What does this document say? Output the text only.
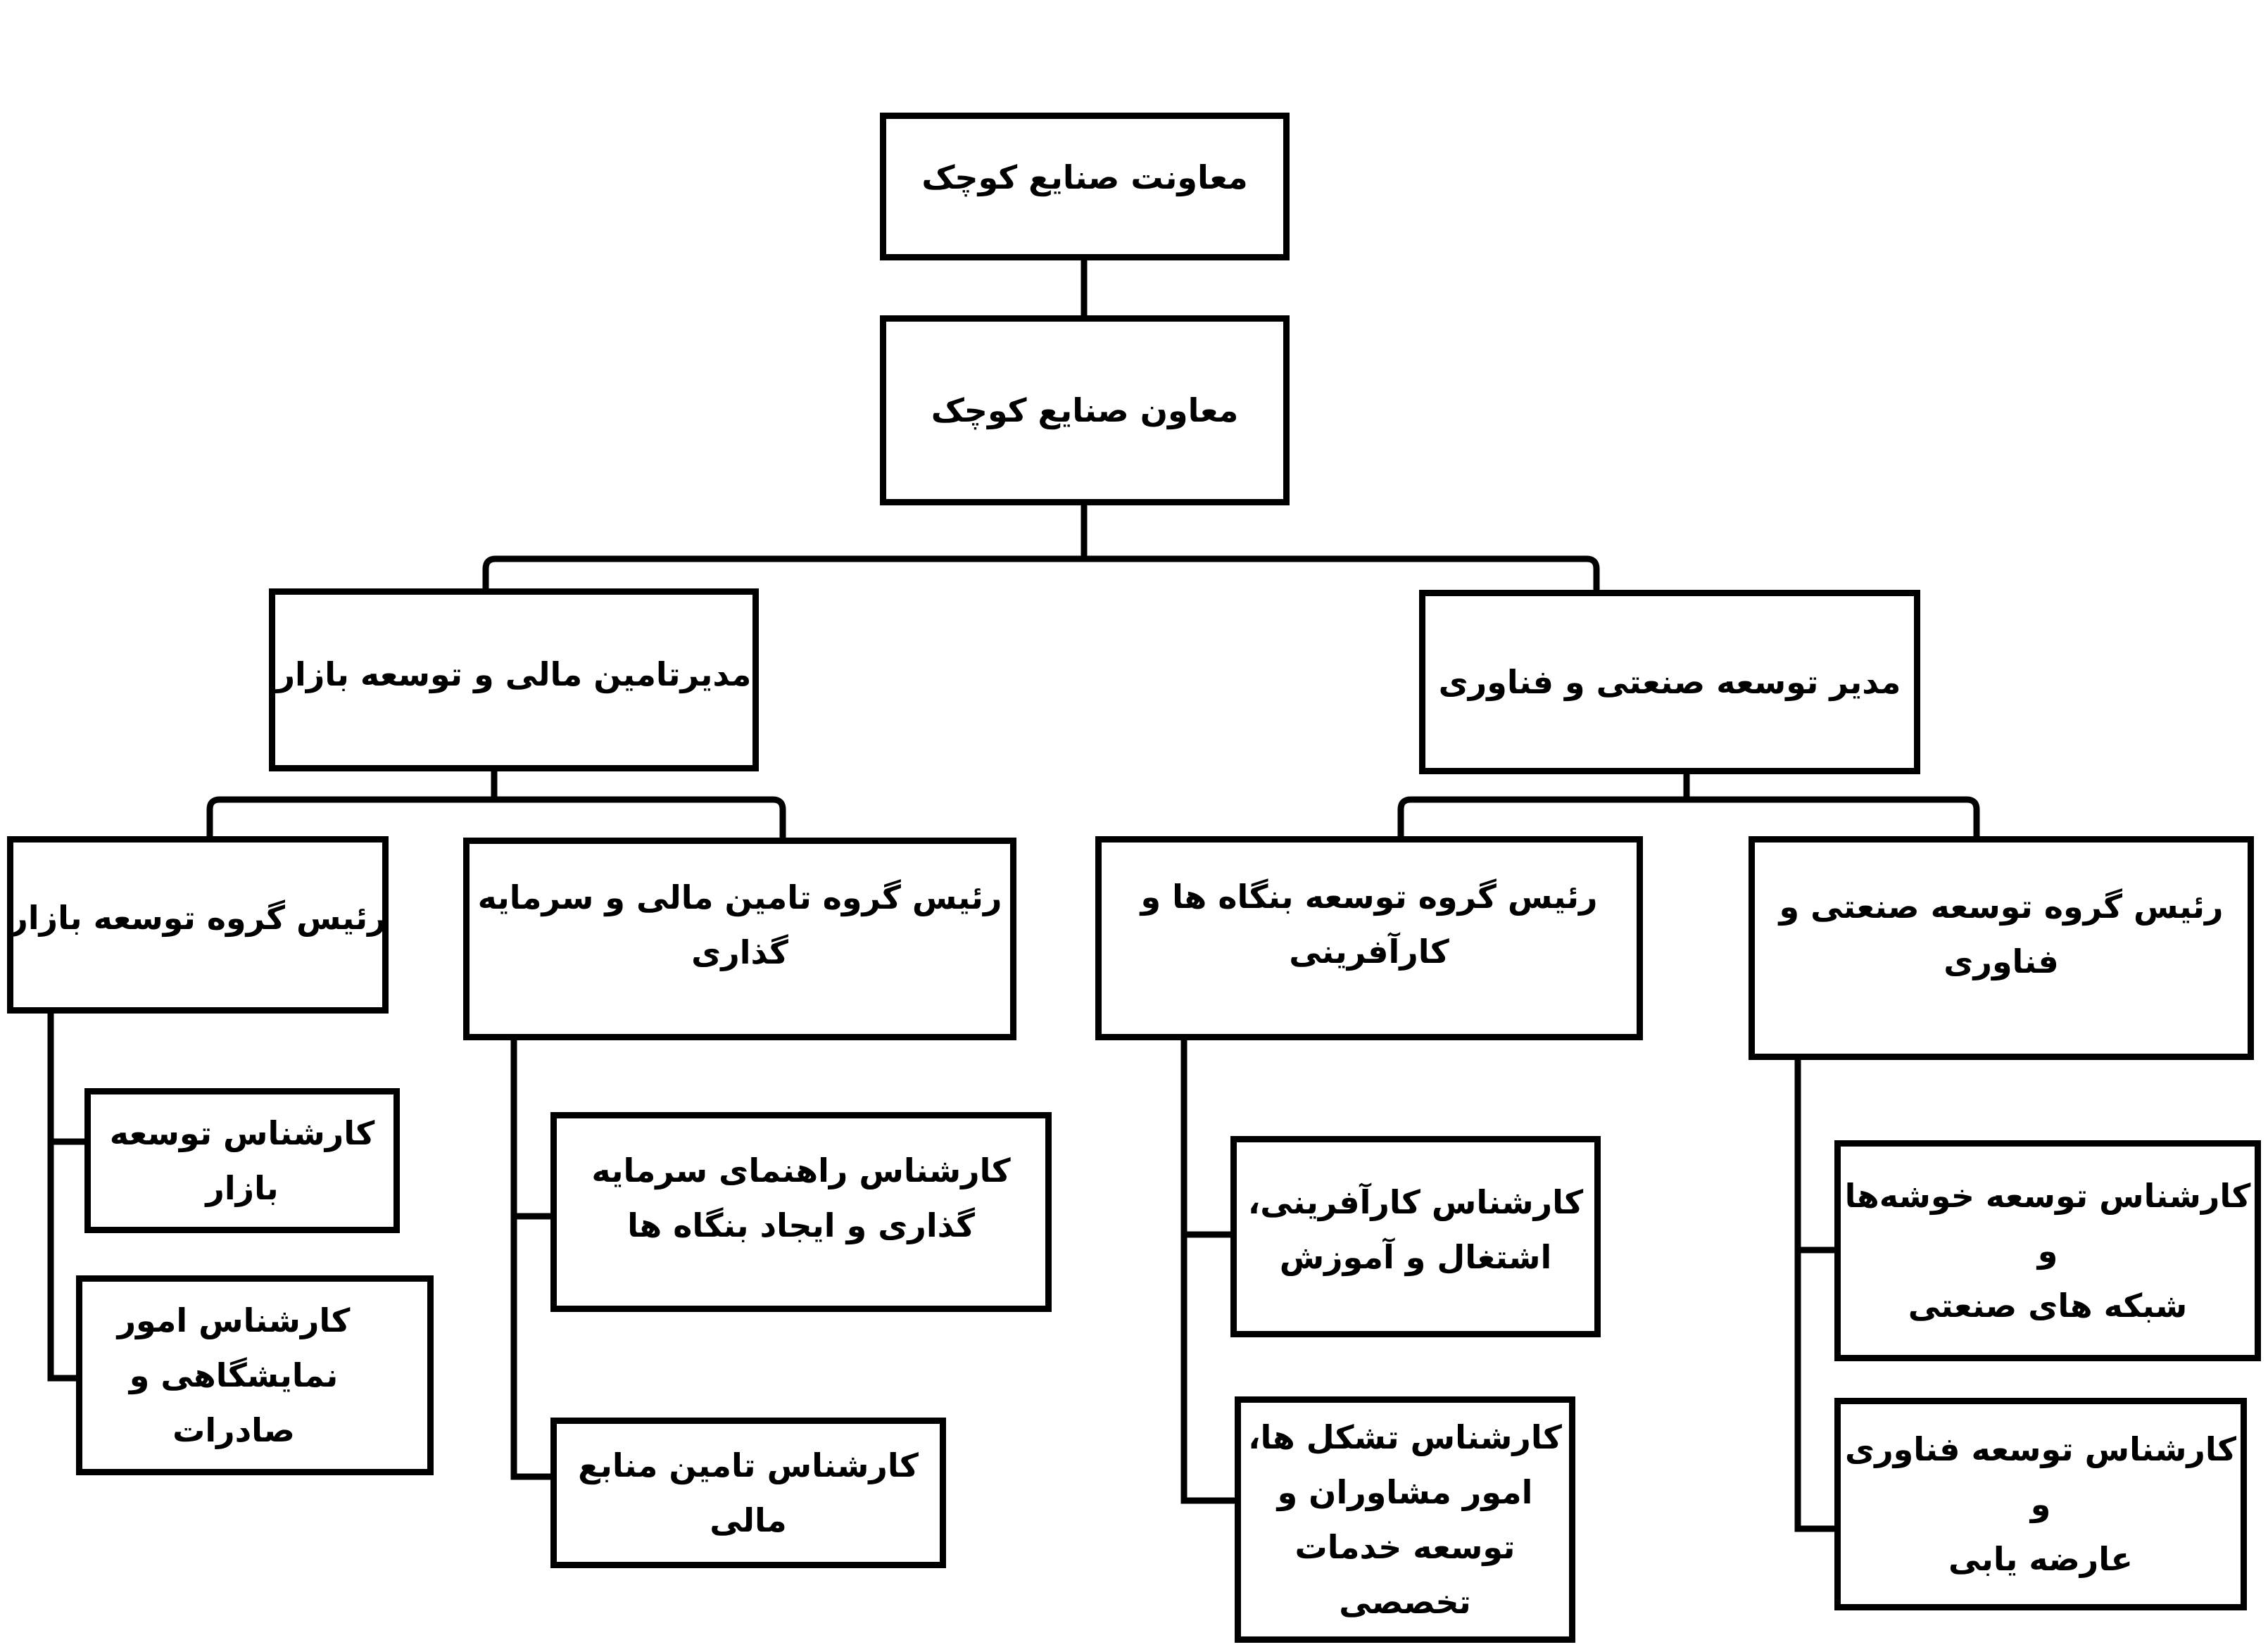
معاونت صنایع کوچک
معاون صنایع کوچک
مدیرتامین مالی و توسعه بازار	مدیر توسعه صنعتی و فناوری
رئیس گروه توسعه بازار
رئیس گروه تامین مالی و سرمایه
گذاری
رئیس گروه توسعه بنگاه ها و
کارآفرینی
رئیس گروه توسعه صنعتی و
فناوری
کارشناس توسعه
بازار
کارشناس امور
نمایشگاهی و
صادرات
کارشناس راهنمای سرمایه
گذاری و ایجاد بنگاه ها
کارشناس تامین منابع
مالی
کارشناس کارآفرینی،
اشتغال و آموزش
کارشناس تشکل ها،
امور مشاوران و
توسعه خدمات
تخصصی
کارشناس توسعه خوشه‌ها
و
شبکه های صنعتی
کارشناس توسعه فناوری
و
عارضه یابی
